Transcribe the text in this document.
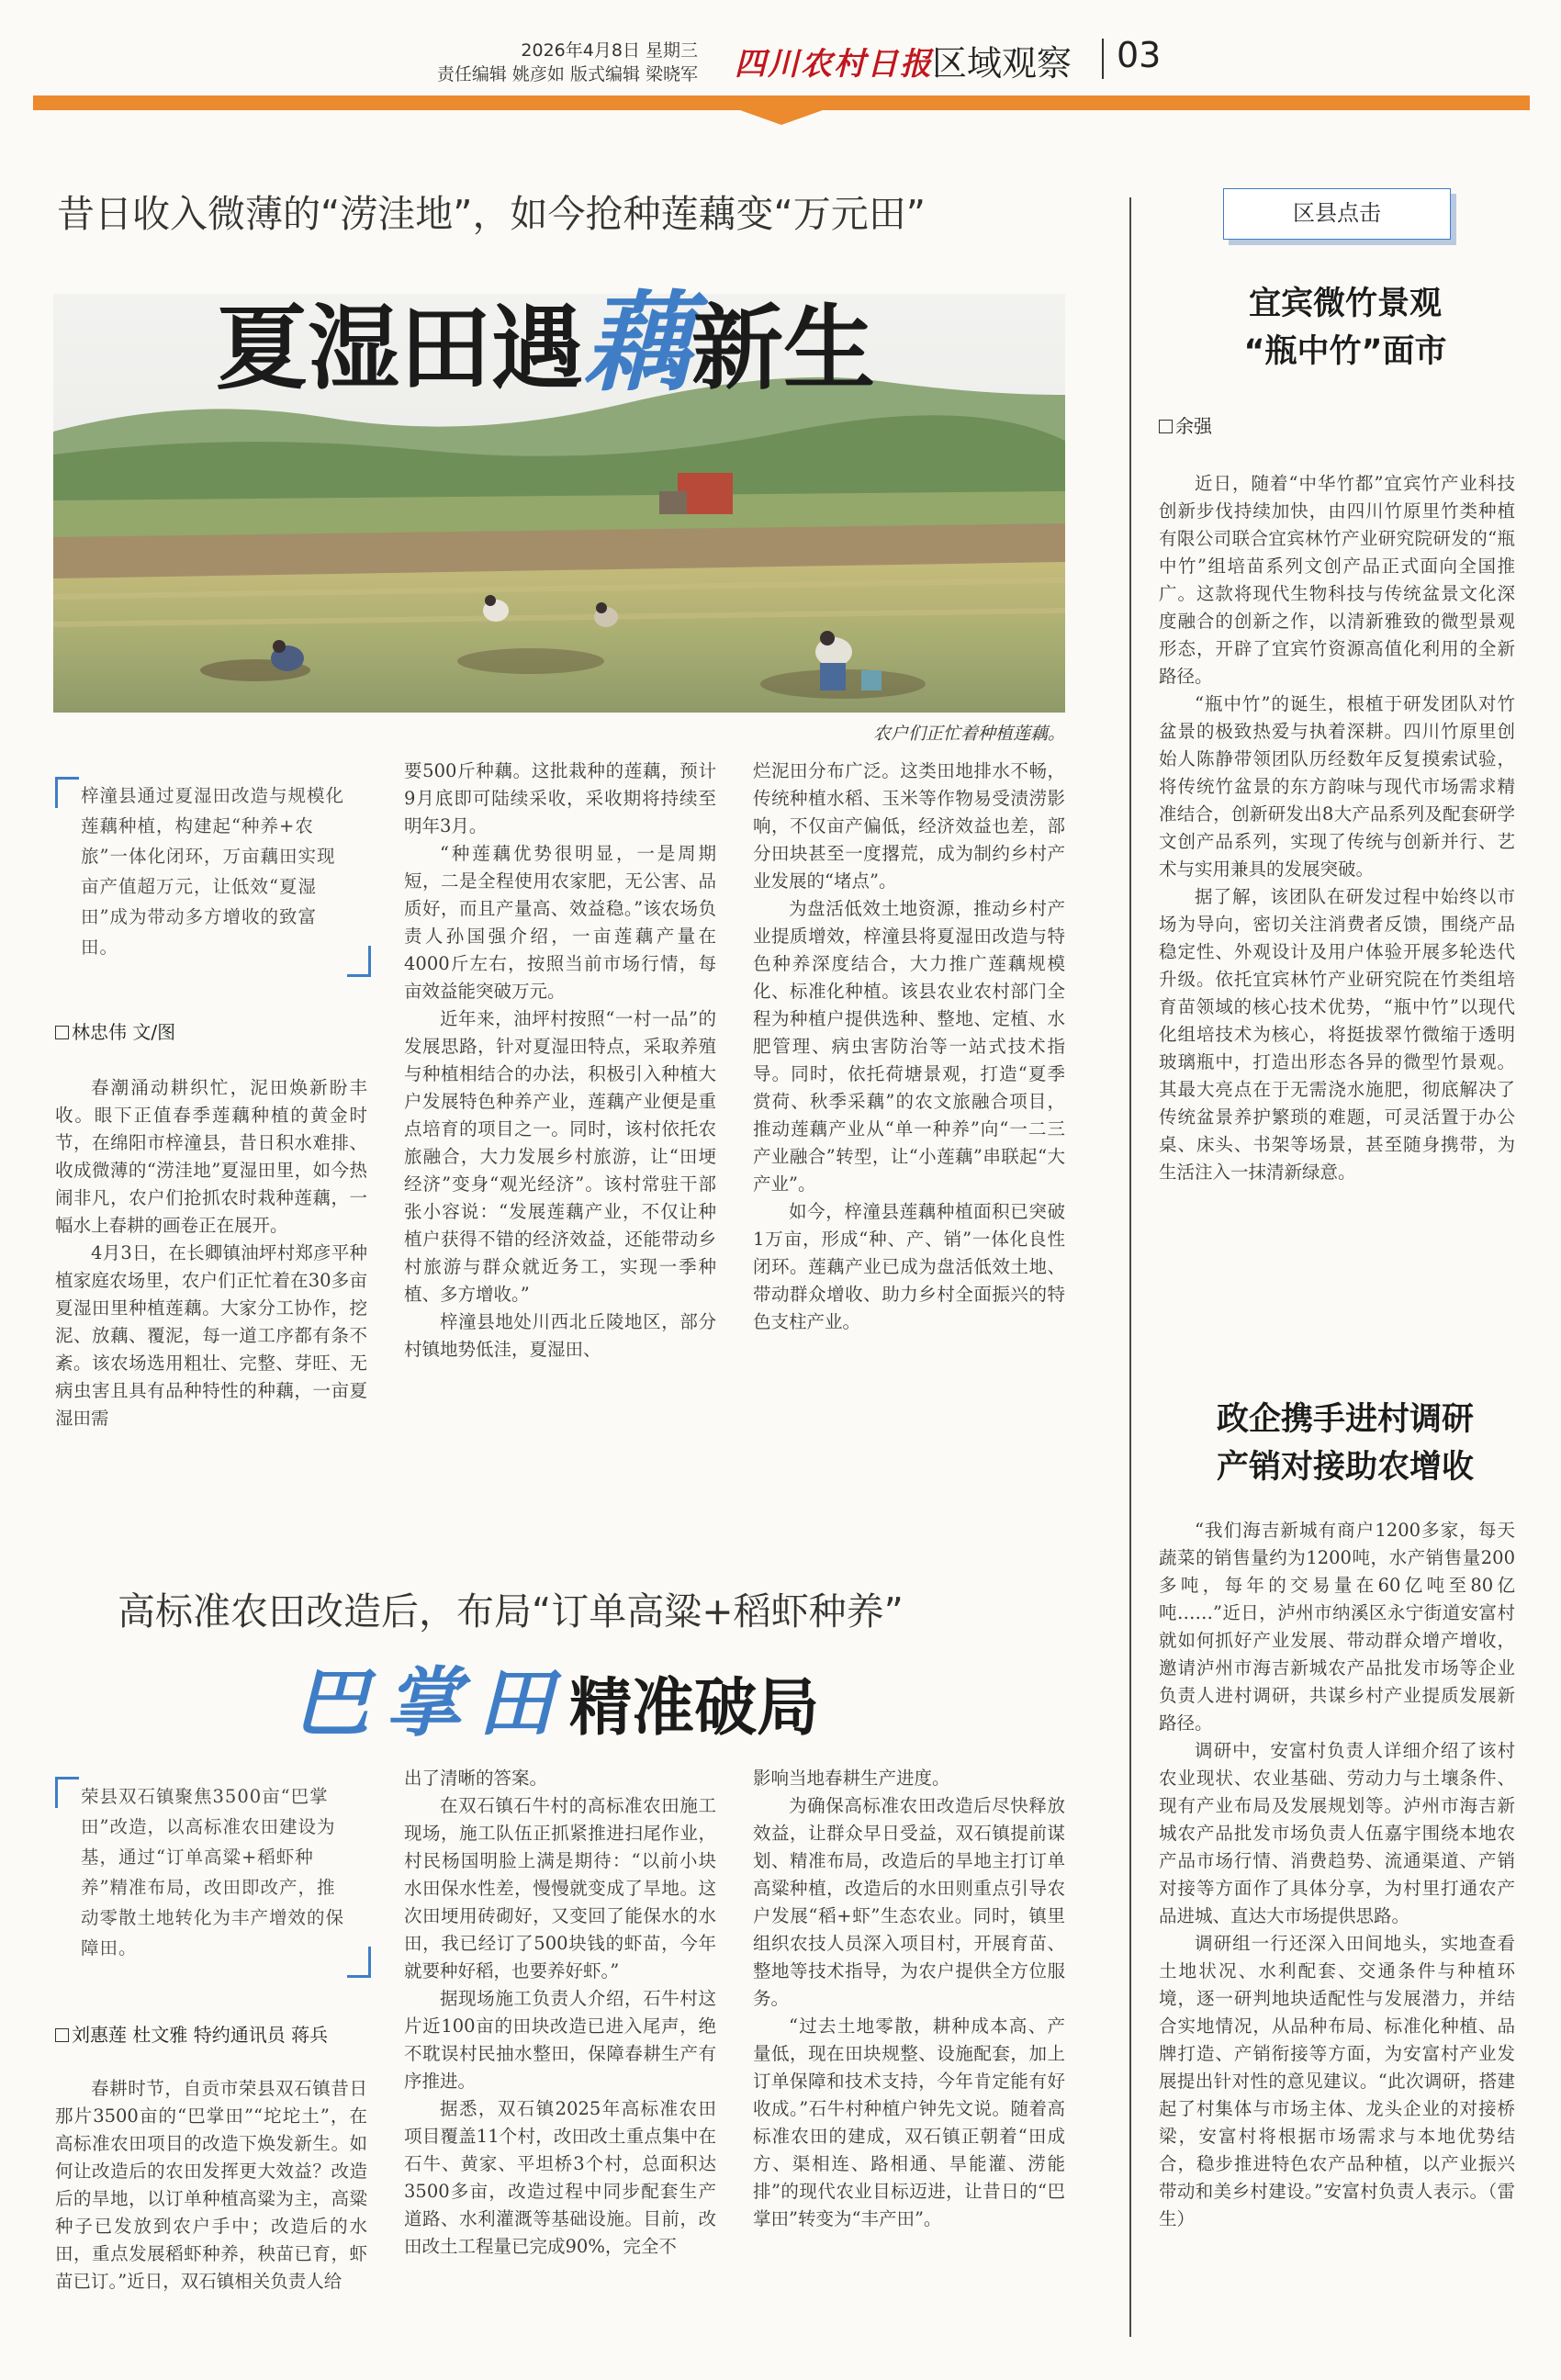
2026年4月8日 星期三
责任编辑 姚彦如 版式编辑 梁晓军 四川农村日报 区域观察 03
昔日收入微薄的“涝洼地”，如今抢种莲藕变“万元田”
夏湿田遇藕新生
农户们正忙着种植莲藕。
梓潼县通过夏湿田改造与规模化莲藕种植，构建起“种养+农旅”一体化闭环，万亩藕田实现亩产值超万元，让低效“夏湿田”成为带动多方增收的致富田。
林忠伟 文/图

春潮涌动耕织忙，泥田焕新盼丰收。眼下正值春季莲藕种植的黄金时节，在绵阳市梓潼县，昔日积水难排、收成微薄的“涝洼地”夏湿田里，如今热闹非凡，农户们抢抓农时栽种莲藕，一幅水上春耕的画卷正在展开。

4月3日，在长卿镇油坪村郑彦平种植家庭农场里，农户们正忙着在30多亩夏湿田里种植莲藕。大家分工协作，挖泥、放藕、覆泥，每一道工序都有条不紊。该农场选用粗壮、完整、芽旺、无病虫害且具有品种特性的种藕，一亩夏湿田需

要500斤种藕。这批栽种的莲藕，预计9月底即可陆续采收，采收期将持续至明年3月。

“种莲藕优势很明显，一是周期短，二是全程使用农家肥，无公害、品质好，而且产量高、效益稳。”该农场负责人孙国强介绍，一亩莲藕产量在4000斤左右，按照当前市场行情，每亩效益能突破万元。

近年来，油坪村按照“一村一品”的发展思路，针对夏湿田特点，采取养殖与种植相结合的办法，积极引入种植大户发展特色种养产业，莲藕产业便是重点培育的项目之一。同时，该村依托农旅融合，大力发展乡村旅游，让“田埂经济”变身“观光经济”。该村常驻干部张小容说：“发展莲藕产业，不仅让种植户获得不错的经济效益，还能带动乡村旅游与群众就近务工，实现一季种植、多方增收。”

梓潼县地处川西北丘陵地区，部分村镇地势低洼，夏湿田、

烂泥田分布广泛。这类田地排水不畅，传统种植水稻、玉米等作物易受渍涝影响，不仅亩产偏低，经济效益也差，部分田块甚至一度撂荒，成为制约乡村产业发展的“堵点”。

为盘活低效土地资源，推动乡村产业提质增效，梓潼县将夏湿田改造与特色种养深度结合，大力推广莲藕规模化、标准化种植。该县农业农村部门全程为种植户提供选种、整地、定植、水肥管理、病虫害防治等一站式技术指导。同时，依托荷塘景观，打造“夏季赏荷、秋季采藕”的农文旅融合项目，推动莲藕产业从“单一种养”向“一二三产业融合”转型，让“小莲藕”串联起“大产业”。

如今，梓潼县莲藕种植面积已突破1万亩，形成“种、产、销”一体化良性闭环。莲藕产业已成为盘活低效土地、带动群众增收、助力乡村全面振兴的特色支柱产业。

高标准农田改造后，布局“订单高粱+稻虾种养”
巴掌田精准破局
荣县双石镇聚焦3500亩“巴掌田”改造，以高标准农田建设为基，通过“订单高粱+稻虾种养”精准布局，改田即改产，推动零散土地转化为丰产增效的保障田。
刘惠莲 杜文雅 特约通讯员 蒋兵

春耕时节，自贡市荣县双石镇昔日那片3500亩的“巴掌田”“坨坨土”，在高标准农田项目的改造下焕发新生。如何让改造后的农田发挥更大效益？改造后的旱地，以订单种植高粱为主，高粱种子已发放到农户手中；改造后的水田，重点发展稻虾种养，秧苗已育，虾苗已订。”近日，双石镇相关负责人给

出了清晰的答案。

在双石镇石牛村的高标准农田施工现场，施工队伍正抓紧推进扫尾作业，村民杨国明脸上满是期待：“以前小块水田保水性差，慢慢就变成了旱地。这次田埂用砖砌好，又变回了能保水的水田，我已经订了500块钱的虾苗，今年就要种好稻，也要养好虾。”

据现场施工负责人介绍，石牛村这片近100亩的田块改造已进入尾声，绝不耽误村民抽水整田，保障春耕生产有序推进。

据悉，双石镇2025年高标准农田项目覆盖11个村，改田改土重点集中在石牛、黄家、平坦桥3个村，总面积达3500多亩，改造过程中同步配套生产道路、水利灌溉等基础设施。目前，改田改土工程量已完成90%，完全不

影响当地春耕生产进度。

为确保高标准农田改造后尽快释放效益，让群众早日受益，双石镇提前谋划、精准布局，改造后的旱地主打订单高粱种植，改造后的水田则重点引导农户发展“稻+虾”生态农业。同时，镇里组织农技人员深入项目村，开展育苗、整地等技术指导，为农户提供全方位服务。

“过去土地零散，耕种成本高、产量低，现在田块规整、设施配套，加上订单保障和技术支持，今年肯定能有好收成。”石牛村种植户钟先文说。随着高标准农田的建成，双石镇正朝着“田成方、渠相连、路相通、旱能灌、涝能排”的现代农业目标迈进，让昔日的“巴掌田”转变为“丰产田”。

区县点击
宜宾微竹景观
“瓶中竹”面市
余强

近日，随着“中华竹都”宜宾竹产业科技创新步伐持续加快，由四川竹原里竹类种植有限公司联合宜宾林竹产业研究院研发的“瓶中竹”组培苗系列文创产品正式面向全国推广。这款将现代生物科技与传统盆景文化深度融合的创新之作，以清新雅致的微型景观形态，开辟了宜宾竹资源高值化利用的全新路径。

“瓶中竹”的诞生，根植于研发团队对竹盆景的极致热爱与执着深耕。四川竹原里创始人陈静带领团队历经数年反复摸索试验，将传统竹盆景的东方韵味与现代市场需求精准结合，创新研发出8大产品系列及配套研学文创产品系列，实现了传统与创新并行、艺术与实用兼具的发展突破。

据了解，该团队在研发过程中始终以市场为导向，密切关注消费者反馈，围绕产品稳定性、外观设计及用户体验开展多轮迭代升级。依托宜宾林竹产业研究院在竹类组培育苗领域的核心技术优势，“瓶中竹”以现代化组培技术为核心，将挺拔翠竹微缩于透明玻璃瓶中，打造出形态各异的微型竹景观。其最大亮点在于无需浇水施肥，彻底解决了传统盆景养护繁琐的难题，可灵活置于办公桌、床头、书架等场景，甚至随身携带，为生活注入一抹清新绿意。

政企携手进村调研
产销对接助农增收

“我们海吉新城有商户1200多家，每天蔬菜的销售量约为1200吨，水产销售量200多吨，每年的交易量在60亿吨至80亿吨……”近日，泸州市纳溪区永宁街道安富村就如何抓好产业发展、带动群众增产增收，邀请泸州市海吉新城农产品批发市场等企业负责人进村调研，共谋乡村产业提质发展新路径。

调研中，安富村负责人详细介绍了该村农业现状、农业基础、劳动力与土壤条件、现有产业布局及发展规划等。泸州市海吉新城农产品批发市场负责人伍嘉宇围绕本地农产品市场行情、消费趋势、流通渠道、产销对接等方面作了具体分享，为村里打通农产品进城、直达大市场提供思路。

调研组一行还深入田间地头，实地查看土地状况、水利配套、交通条件与种植环境，逐一研判地块适配性与发展潜力，并结合实地情况，从品种布局、标准化种植、品牌打造、产销衔接等方面，为安富村产业发展提出针对性的意见建议。“此次调研，搭建起了村集体与市场主体、龙头企业的对接桥梁，安富村将根据市场需求与本地优势结合，稳步推进特色农产品种植，以产业振兴带动和美乡村建设。”安富村负责人表示。（雷生）
